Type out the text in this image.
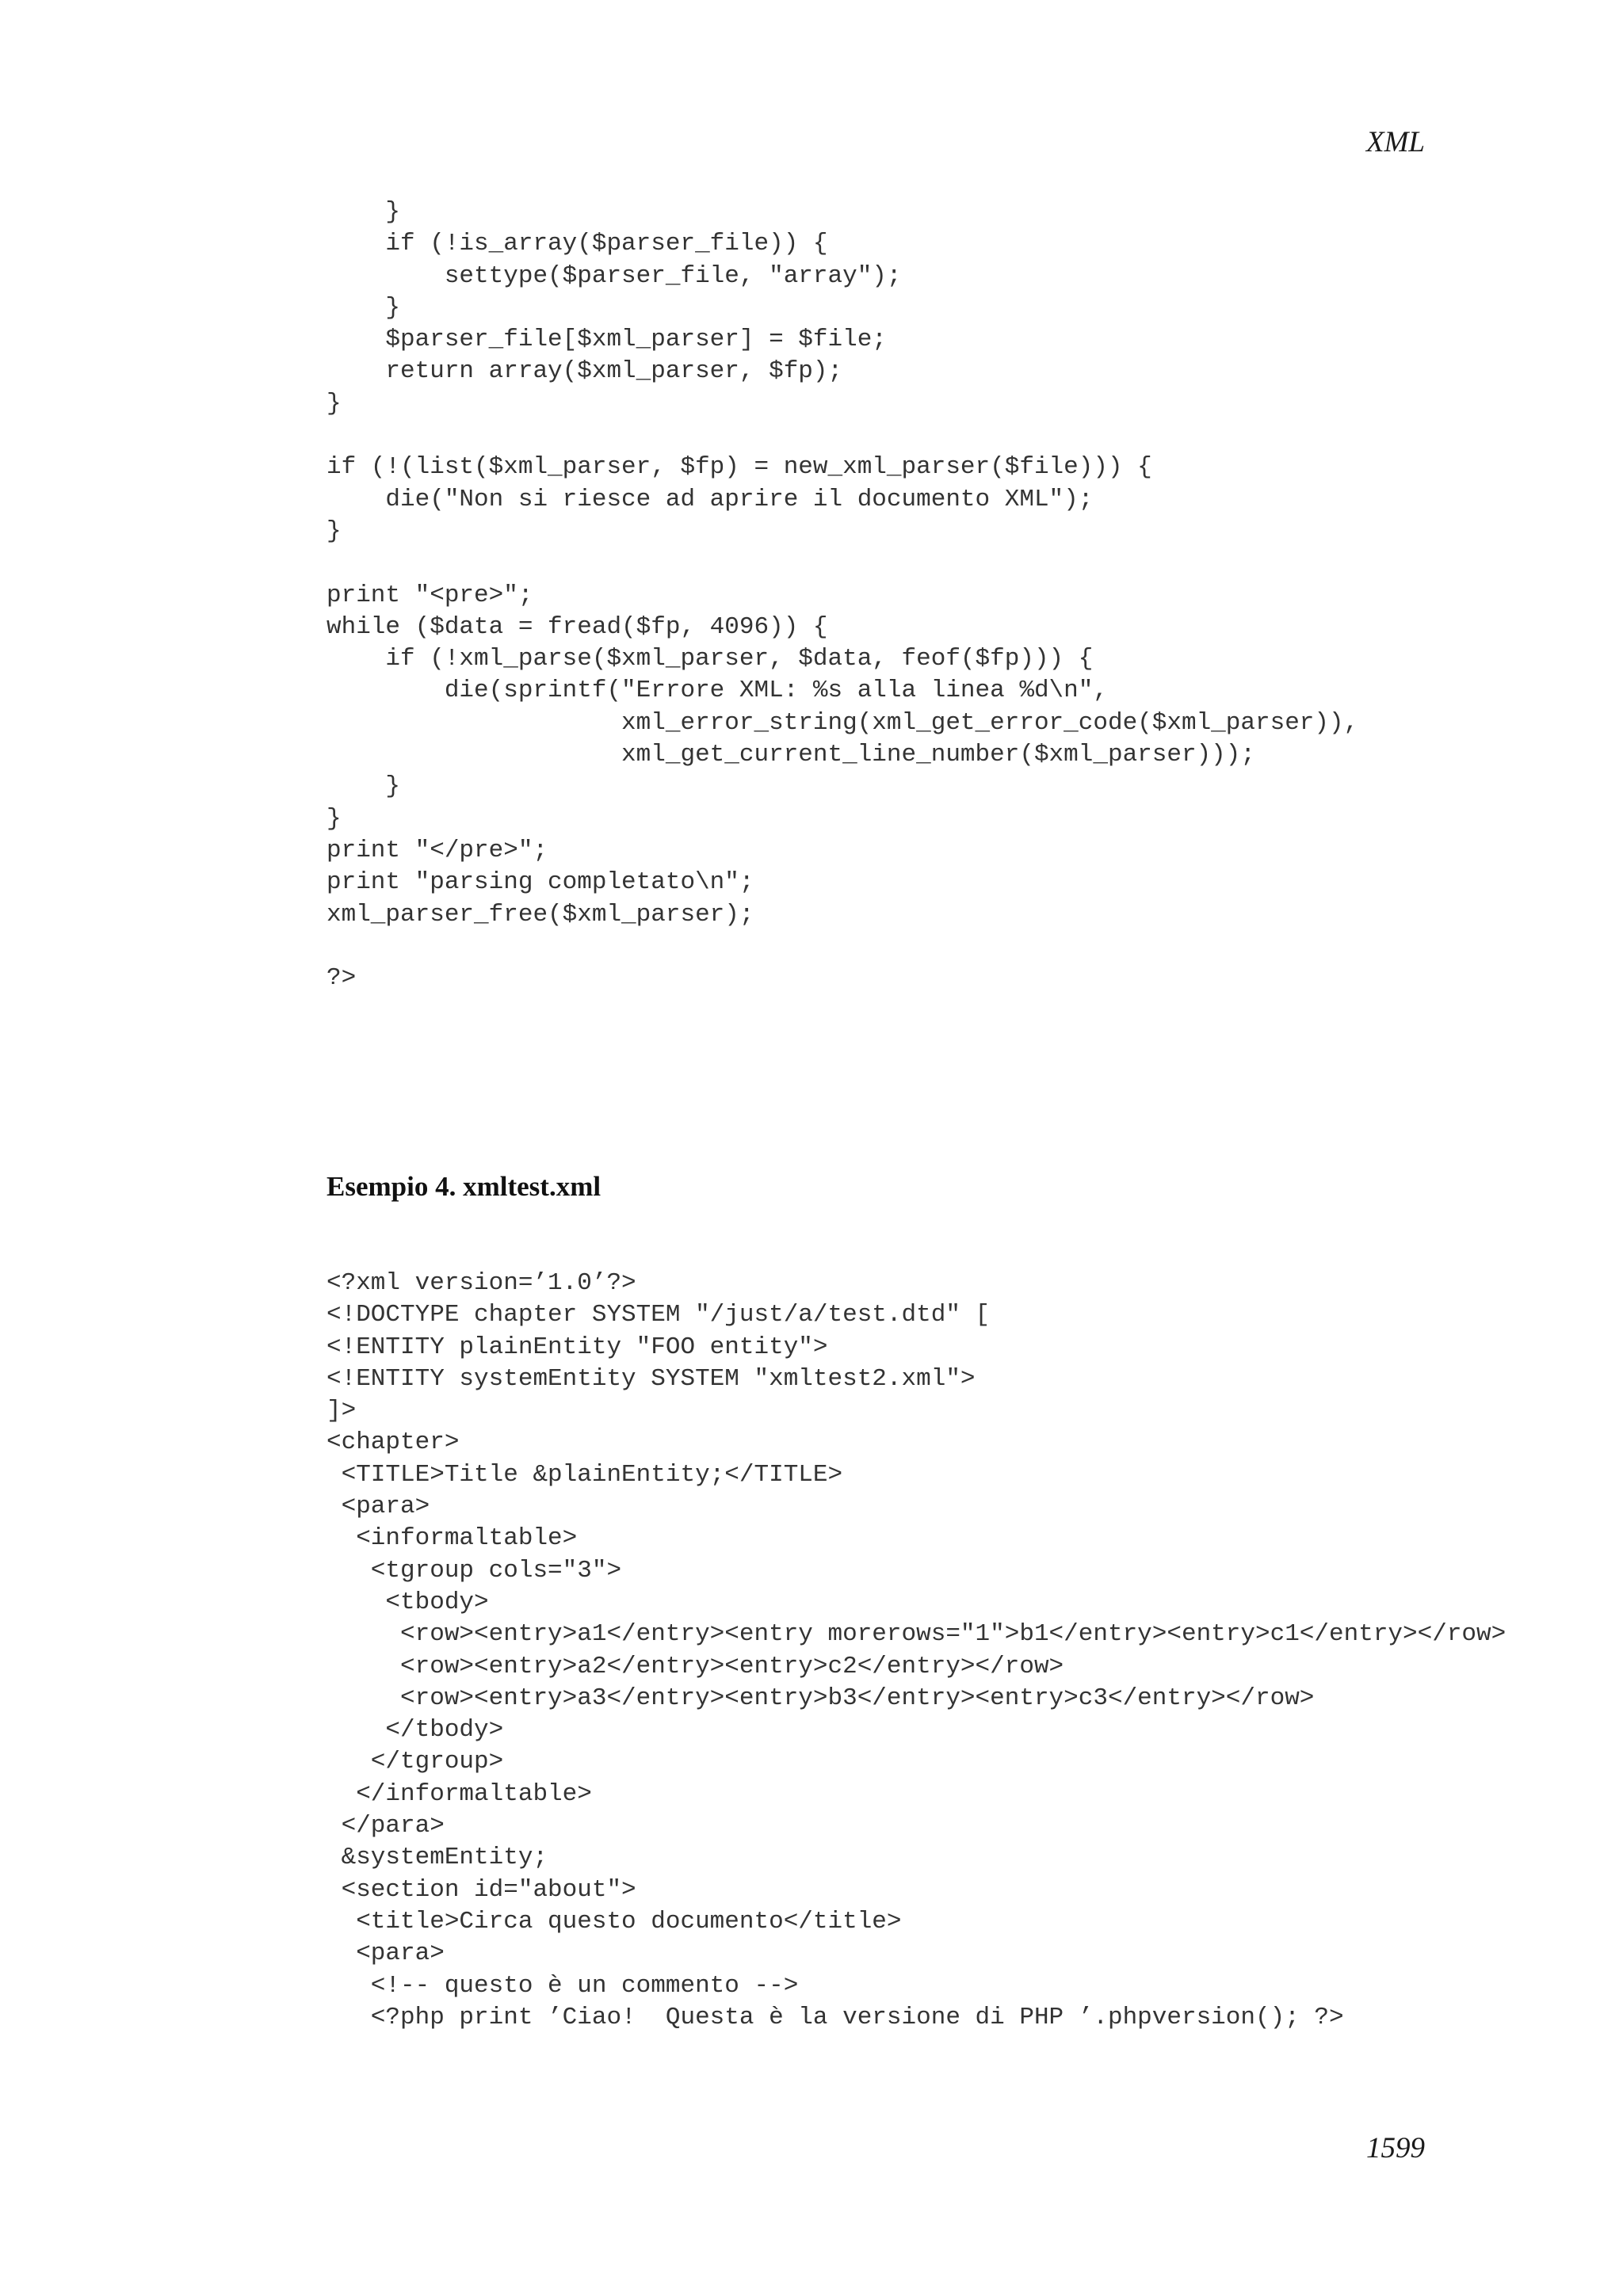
XML
}
if (!is_array($parser_file)) {
settype($parser_file, "array");
}
$parser_file[$xml_parser] = $file;
return array($xml_parser, $fp);
}
if (!(list($xml_parser, $fp) = new_xml_parser($file))) {
die("Non si riesce ad aprire il documento XML");
}
print "<pre>";
while ($data = fread($fp, 4096)) {
if (!xml_parse($xml_parser, $data, feof($fp))) {
die(sprintf("Errore XML: %s alla linea %d\n",
xml_error_string(xml_get_error_code($xml_parser)),
xml_get_current_line_number($xml_parser)));
}
}
print "</pre>";
print "parsing completato\n";
xml_parser_free($xml_parser);
?>
Esempio 4. xmltest.xml
<?xml version=’1.0’?>
<!DOCTYPE chapter SYSTEM "/just/a/test.dtd" [
<!ENTITY plainEntity "FOO entity">
<!ENTITY systemEntity SYSTEM "xmltest2.xml">
]>
<chapter>
<TITLE>Title &plainEntity;</TITLE>
<para>
<informaltable>
<tgroup cols="3">
<tbody>
<row><entry>a1</entry><entry morerows="1">b1</entry><entry>c1</entry></row>
<row><entry>a2</entry><entry>c2</entry></row>
<row><entry>a3</entry><entry>b3</entry><entry>c3</entry></row>
</tbody>
</tgroup>
</informaltable>
</para>
&systemEntity;
<section id="about">
<title>Circa questo documento</title>
<para>
<!-- questo è un commento -->
<?php print ’Ciao!  Questa è la versione di PHP ’.phpversion(); ?>
1599
